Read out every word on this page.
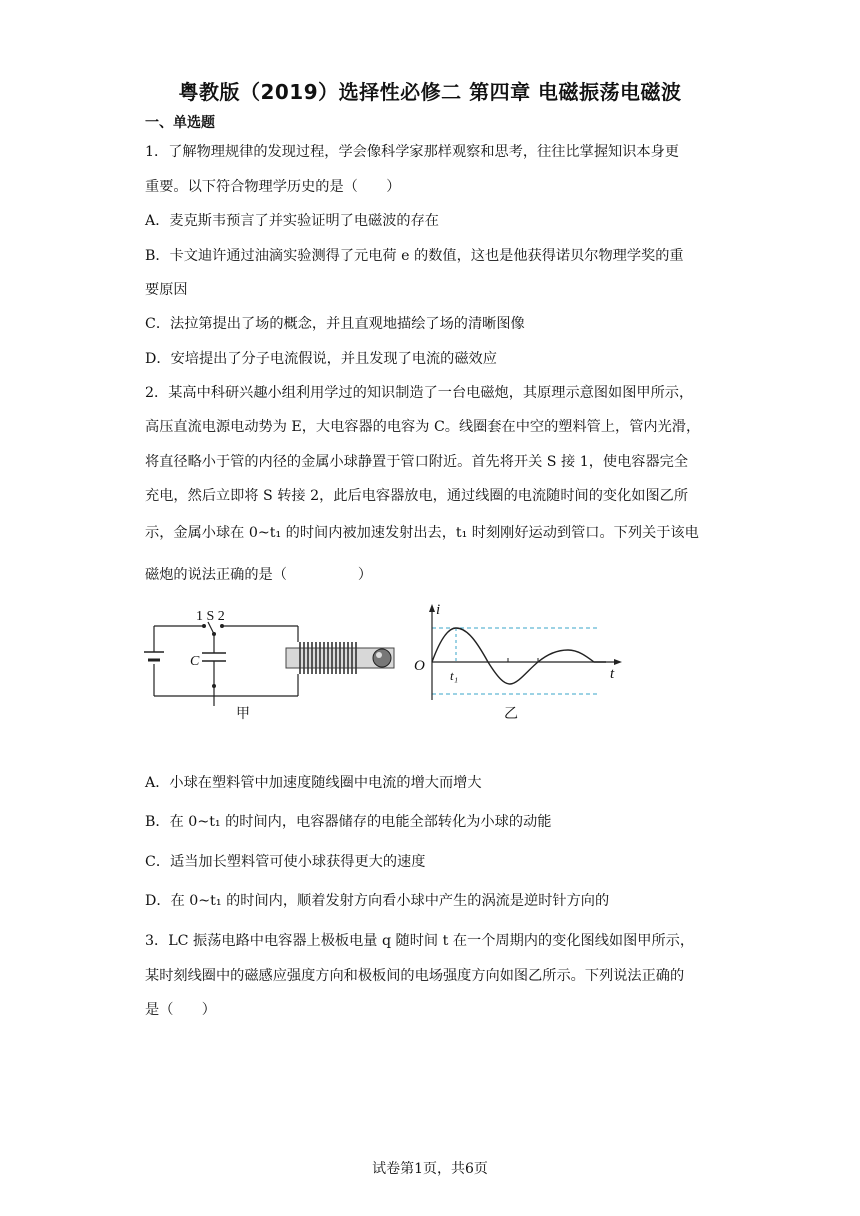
粤教版（2019）选择性必修二 第四章 电磁振荡电磁波
一、单选题
1．了解物理规律的发现过程，学会像科学家那样观察和思考，往往比掌握知识本身更
重要。以下符合物理学历史的是（　　）
A．麦克斯韦预言了并实验证明了电磁波的存在
B．卡文迪许通过油滴实验测得了元电荷 e 的数值，这也是他获得诺贝尔物理学奖的重
要原因
C．法拉第提出了场的概念，并且直观地描绘了场的清晰图像
D．安培提出了分子电流假说，并且发现了电流的磁效应
2．某高中科研兴趣小组利用学过的知识制造了一台电磁炮，其原理示意图如图甲所示，
高压直流电源电动势为 E，大电容器的电容为 C。线圈套在中空的塑料管上，管内光滑，
将直径略小于管的内径的金属小球静置于管口附近。首先将开关 S 接 1，使电容器完全
充电，然后立即将 S 转接 2，此后电容器放电，通过线圈的电流随时间的变化如图乙所
示，金属小球在 0~t₁ 的时间内被加速发射出去，t₁ 时刻刚好运动到管口。下列关于该电
磁炮的说法正确的是（　　　　　）
1 S 2
C
甲
i
t
O
t₁
乙
A．小球在塑料管中加速度随线圈中电流的增大而增大
B．在 0~t₁ 的时间内，电容器储存的电能全部转化为小球的动能
C．适当加长塑料管可使小球获得更大的速度
D．在 0~t₁ 的时间内，顺着发射方向看小球中产生的涡流是逆时针方向的
3．LC 振荡电路中电容器上极板电量 q 随时间 t 在一个周期内的变化图线如图甲所示，
某时刻线圈中的磁感应强度方向和极板间的电场强度方向如图乙所示。下列说法正确的
是（　　）
试卷第1页，共6页
